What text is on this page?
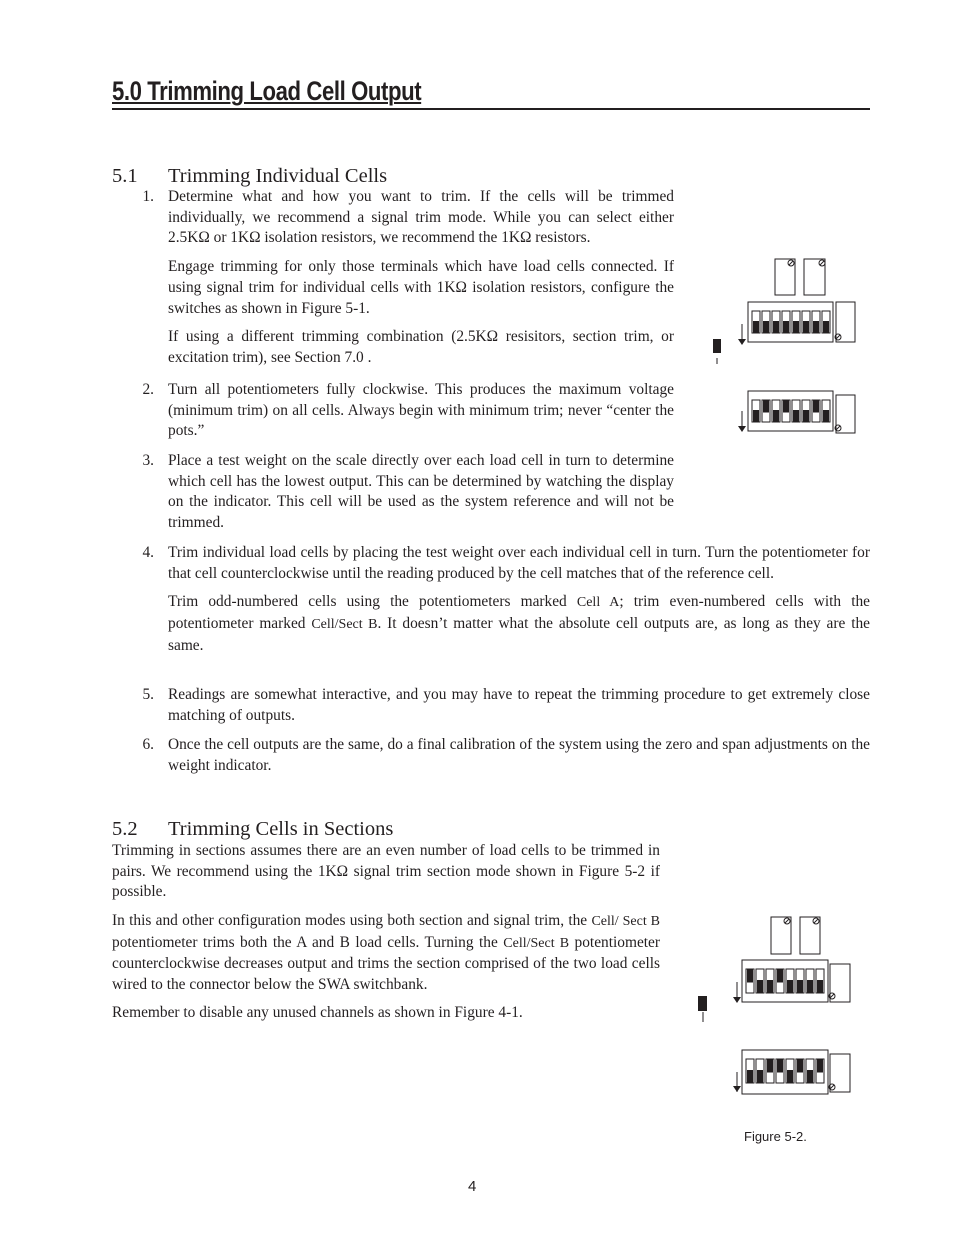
5.0 Trimming Load Cell Output
5.1 Trimming Individual Cells
1. Determine what and how you want to trim. If the cells will be trimmed individually, we recommend a signal trim mode. While you can select either 2.5KΩ or 1KΩ isolation resistors, we recommend the 1KΩ resistors.
Engage trimming for only those terminals which have load cells connected. If using signal trim for individual cells with 1KΩ isolation resistors, configure the switches as shown in Figure 5-1.
If using a different trimming combination (2.5KΩ resisitors, section trim, or excitation trim), see Section 7.0 .
2. Turn all potentiometers fully clockwise. This produces the maximum voltage (minimum trim) on all cells. Always begin with minimum trim; never “center the pots.”
3. Place a test weight on the scale directly over each load cell in turn to determine which cell has the lowest output. This can be determined by watching the display on the indicator. This cell will be used as the system reference and will not be trimmed.
4. Trim individual load cells by placing the test weight over each individual cell in turn. Turn the potentiometer for that cell counterclockwise until the reading produced by the cell matches that of the reference cell.
Trim odd-numbered cells using the potentiometers marked Cell A; trim even-numbered cells with the potentiometer marked Cell/Sect B. It doesn’t matter what the absolute cell outputs are, as long as they are the same.
5. Readings are somewhat interactive, and you may have to repeat the trimming procedure to get extremely close matching of outputs.
6. Once the cell outputs are the same, do a final calibration of the system using the zero and span adjustments on the weight indicator.
5.2 Trimming Cells in Sections
Trimming in sections assumes there are an even number of load cells to be trimmed in pairs. We recommend using the 1KΩ signal trim section mode shown in Figure 5-2 if possible.
In this and other configuration modes using both section and signal trim, the Cell/ Sect B potentiometer trims both the A and B load cells. Turning the Cell/Sect B potentiometer counterclockwise decreases output and trims the section comprised of the two load cells wired to the connector below the SWA switchbank.
Remember to disable any unused channels as shown in Figure 4-1.
Figure 5-2.
4
